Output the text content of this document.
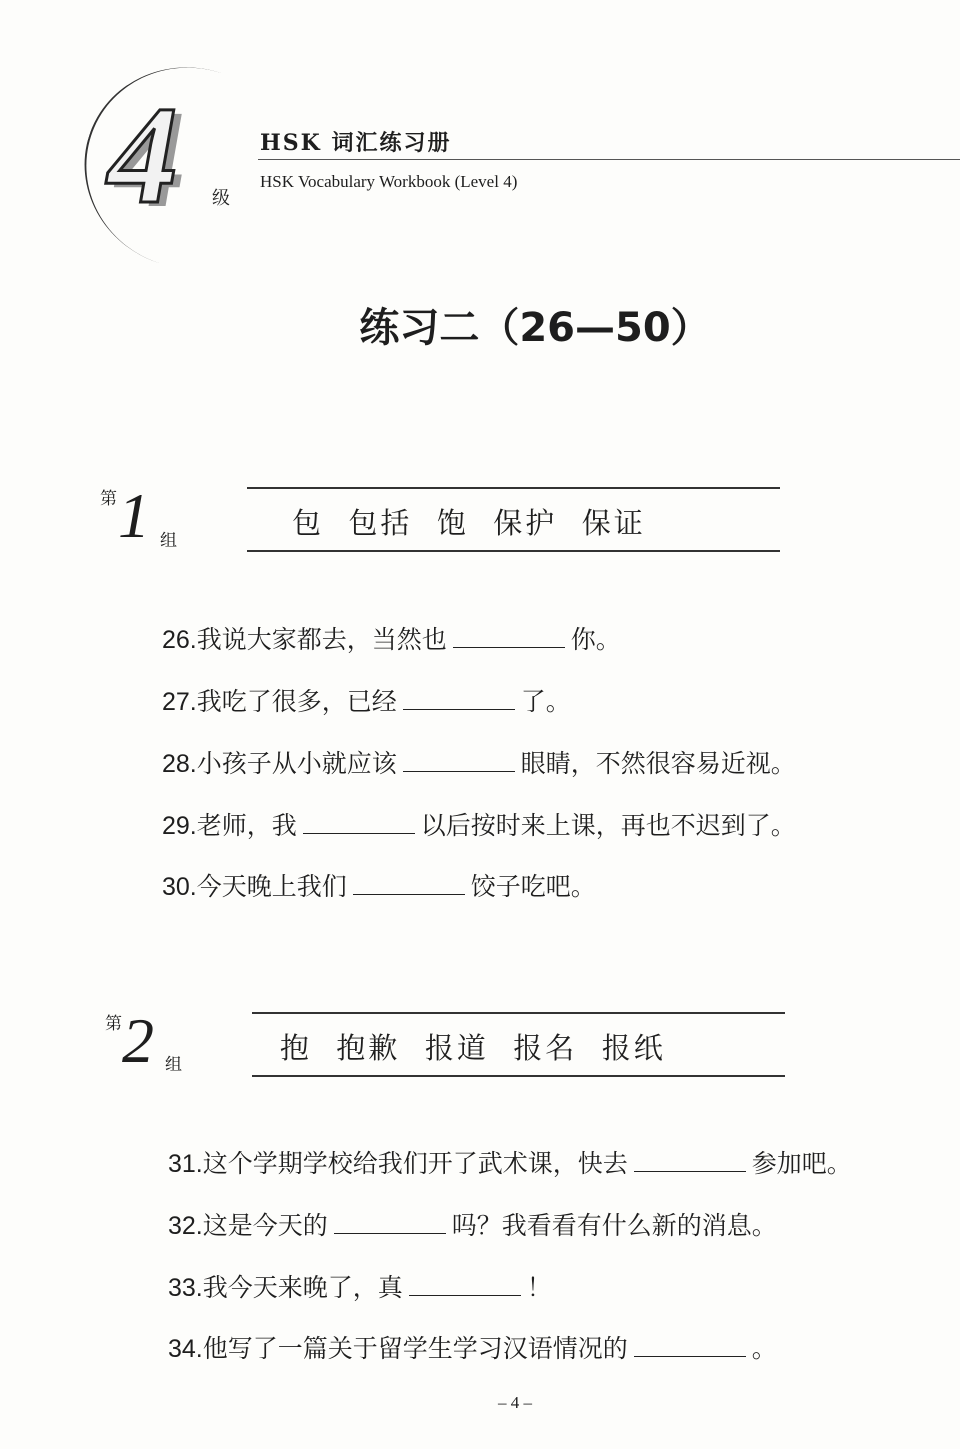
4 级
HSK 词汇练习册
HSK Vocabulary Workbook (Level 4)
练习二（26—50）
第 1 组
包  包括  饱  保护  保证
26.我说大家都去，当然也	你。
27.我吃了很多，已经	了。
28.小孩子从小就应该	眼睛，不然很容易近视。
29.老师，我	以后按时来上课，再也不迟到了。
30.今天晚上我们	饺子吃吧。
第 2 组	抱  抱歉  报道  报名  报纸
31.这个学期学校给我们开了武术课，快去	参加吧。
32.这是今天的	吗？我看看有什么新的消息。
33.我今天来晚了，真	！
34.他写了一篇关于留学生学习汉语情况的	。
– 4 –
